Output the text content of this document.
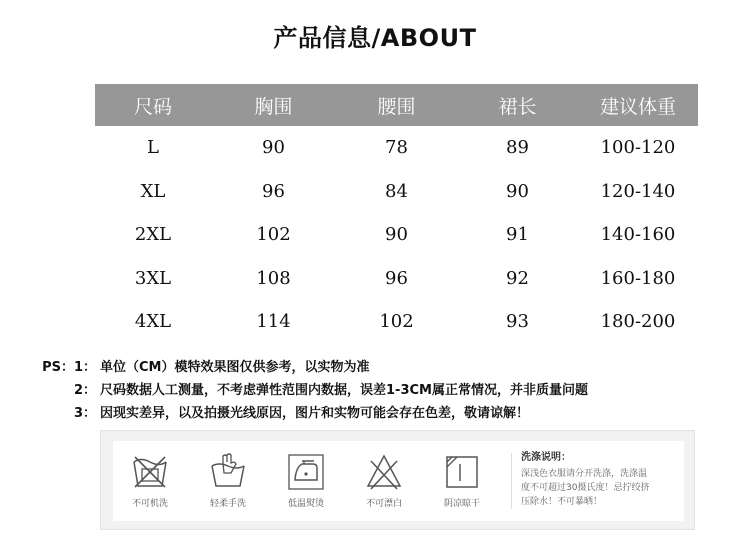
产品信息/ABOUT
尺码	胸围	腰围	裙长	建议体重
L	90	78	89	100-120
XL	96	84	90	120-140
2XL	102	90	91	140-160
3XL	108	96	92	160-180
4XL	114	102	93	180-200
PS：1： 单位（CM）模特效果图仅供参考，以实物为准
2： 尺码数据人工测量，不考虑弹性范围内数据，误差1-3CM属正常情况，并非质量问题
3： 因现实差异，以及拍摄光线原因，图片和实物可能会存在色差，敬请谅解！
不可机洗	轻柔手洗	低温熨烫	不可漂白	阴凉晾干
洗涤说明：
深浅色衣服请分开洗涤，洗涤温
度不可超过30摄氏度！忌拧绞挤
压除水！不可暴晒！
